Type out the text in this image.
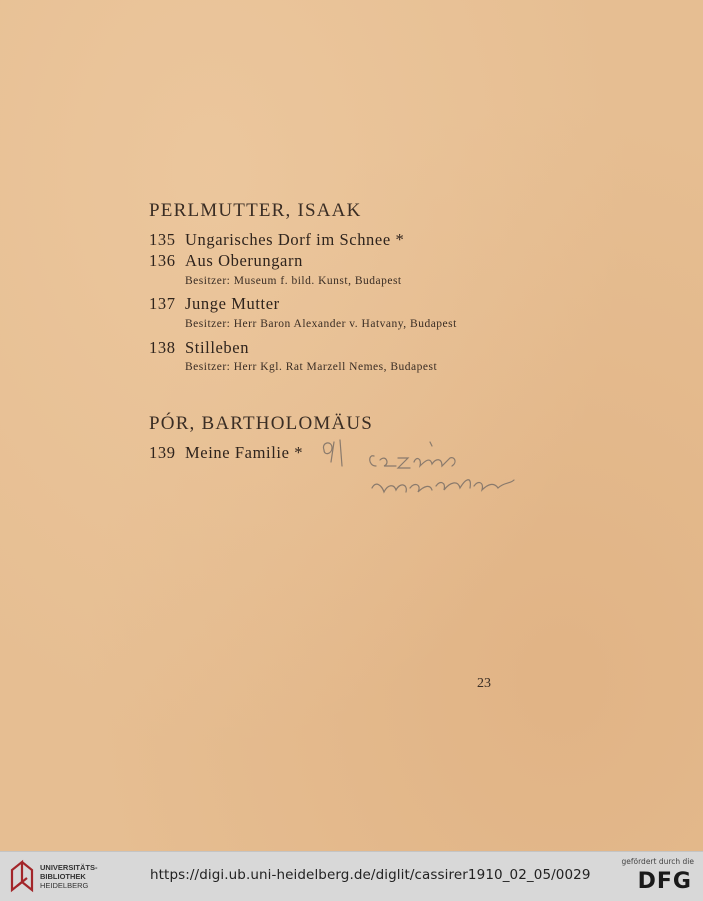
PERLMUTTER, ISAAK
135 Ungarisches Dorf im Schnee *
136 Aus Oberungarn
Besitzer: Museum f. bild. Kunst, Budapest
137 Junge Mutter
Besitzer: Herr Baron Alexander v. Hatvany, Budapest
138 Stilleben
Besitzer: Herr Kgl. Rat Marzell Nemes, Budapest
PÓR, BARTHOLOMÄUS
139 Meine Familie *
23
UNIVERSITÄTS-
BIBLIOTHEK
HEIDELBERG
https://digi.ub.uni-heidelberg.de/diglit/cassirer1910_02_05/0029
gefördert durch die
DFG
